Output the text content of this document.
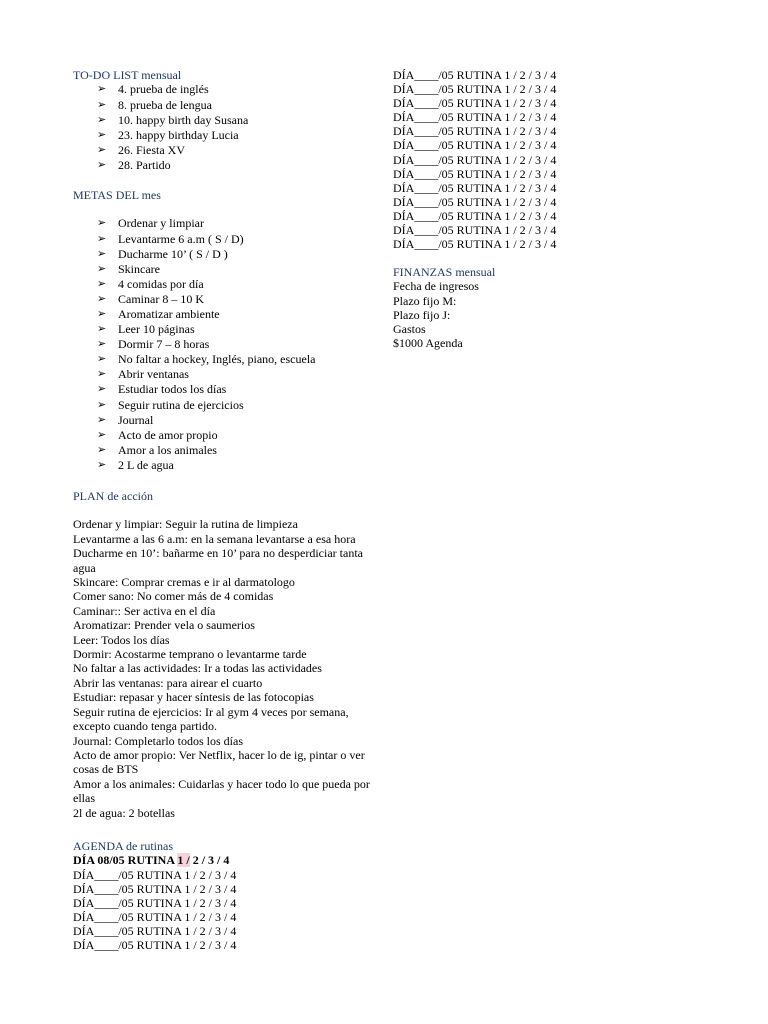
TO-DO LIST mensual
➢ 4. prueba de inglés
➢ 8. prueba de lengua
➢ 10. happy birth day Susana
➢ 23. happy birthday Lucia
➢ 26. Fiesta XV
➢ 28. Partido
METAS DEL mes
➢ Ordenar y limpiar
➢ Levantarme 6 a.m ( S / D)
➢ Ducharme 10’ ( S / D )
➢ Skincare
➢ 4 comidas por día
➢ Caminar 8 – 10 K
➢ Aromatizar ambiente
➢ Leer 10 páginas
➢ Dormir 7 – 8 horas
➢ No faltar a hockey, Inglés, piano, escuela
➢ Abrir ventanas
➢ Estudiar todos los días
➢ Seguir rutina de ejercicios
➢ Journal
➢ Acto de amor propio
➢ Amor a los animales
➢ 2 L de agua
PLAN de acción

Ordenar y limpiar: Seguir la rutina de limpieza

Levantarme a las 6 a.m: en la semana levantarse a esa hora

Ducharme en 10’: bañarme en 10’ para no desperdiciar tanta agua

Skincare: Comprar cremas e ir al darmatologo

Comer sano: No comer más de 4 comidas

Caminar:: Ser activa en el día

Aromatizar: Prender vela o saumerios

Leer: Todos los días

Dormir: Acostarme temprano o levantarme tarde

No faltar a las actividades: Ir a todas las actividades

Abrir las ventanas: para airear el cuarto

Estudiar: repasar y hacer síntesis de las fotocopias

Seguir rutina de ejercicios: Ir al gym 4 veces por semana, excepto cuando tenga partido.

Journal: Completarlo todos los días

Acto de amor propio: Ver Netflix, hacer lo de ig, pintar o ver cosas de BTS

Amor a los animales: Cuidarlas y hacer todo lo que pueda por ellas

2l de agua: 2 botellas

AGENDA de rutinas
DÍA 08/05 RUTINA 1 / 2 / 3 / 4
DÍA____/05 RUTINA 1 / 2 / 3 / 4
DÍA____/05 RUTINA 1 / 2 / 3 / 4
DÍA____/05 RUTINA 1 / 2 / 3 / 4
DÍA____/05 RUTINA 1 / 2 / 3 / 4
DÍA____/05 RUTINA 1 / 2 / 3 / 4
DÍA____/05 RUTINA 1 / 2 / 3 / 4
DÍA____/05 RUTINA 1 / 2 / 3 / 4
DÍA____/05 RUTINA 1 / 2 / 3 / 4
DÍA____/05 RUTINA 1 / 2 / 3 / 4
DÍA____/05 RUTINA 1 / 2 / 3 / 4
DÍA____/05 RUTINA 1 / 2 / 3 / 4
DÍA____/05 RUTINA 1 / 2 / 3 / 4
DÍA____/05 RUTINA 1 / 2 / 3 / 4
DÍA____/05 RUTINA 1 / 2 / 3 / 4
DÍA____/05 RUTINA 1 / 2 / 3 / 4
DÍA____/05 RUTINA 1 / 2 / 3 / 4
DÍA____/05 RUTINA 1 / 2 / 3 / 4
DÍA____/05 RUTINA 1 / 2 / 3 / 4
DÍA____/05 RUTINA 1 / 2 / 3 / 4
FINANZAS mensual
Fecha de ingresos
Plazo fijo M:
Plazo fijo J:
Gastos
$1000 Agenda
